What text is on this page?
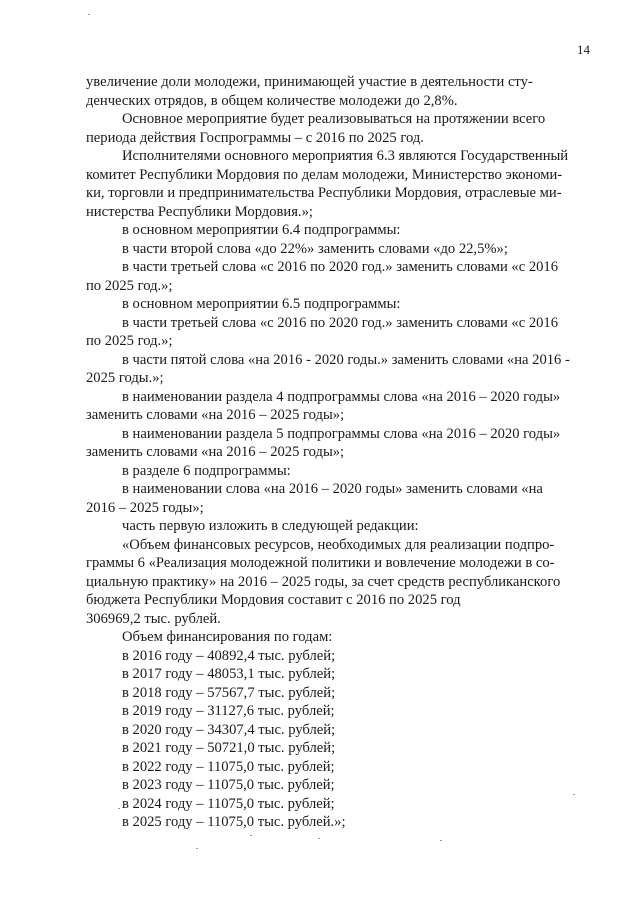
14

увеличение доли молодежи, принимающей участие в деятельности сту-

денческих отрядов, в общем количестве молодежи до 2,8%.

Основное мероприятие будет реализовываться на протяжении всего

периода действия Госпрограммы – с 2016 по 2025 год.

Исполнителями основного мероприятия 6.3 являются Государственный

комитет Республики Мордовия по делам молодежи, Министерство экономи-

ки, торговли и предпринимательства Республики Мордовия, отраслевые ми-

нистерства Республики Мордовия.»;

в основном мероприятии 6.4 подпрограммы:

в части второй слова «до 22%» заменить словами «до 22,5%»;

в части третьей слова «с 2016 по 2020 год.» заменить словами «с 2016

по 2025 год.»;

в основном мероприятии 6.5 подпрограммы:

в части третьей слова «с 2016 по 2020 год.» заменить словами «с 2016

по 2025 год.»;

в части пятой слова «на 2016 - 2020 годы.» заменить словами «на 2016 -

2025 годы.»;

в наименовании раздела 4 подпрограммы слова «на 2016 – 2020 годы»

заменить словами «на 2016 – 2025 годы»;

в наименовании раздела 5 подпрограммы слова «на 2016 – 2020 годы»

заменить словами «на 2016 – 2025 годы»;

в разделе 6 подпрограммы:

в наименовании слова «на 2016 – 2020 годы» заменить словами «на

2016 – 2025 годы»;

часть первую изложить в следующей редакции:

«Объем финансовых ресурсов, необходимых для реализации подпро-

граммы 6 «Реализация молодежной политики и вовлечение молодежи в со-

циальную практику» на 2016 – 2025 годы, за счет средств республиканского

бюджета Республики Мордовия составит с 2016 по 2025 год

306969,2 тыс. рублей.

Объем финансирования по годам:

в 2016 году – 40892,4 тыс. рублей;

в 2017 году – 48053,1 тыс. рублей;

в 2018 году – 57567,7 тыс. рублей;

в 2019 году – 31127,6 тыс. рублей;

в 2020 году – 34307,4 тыс. рублей;

в 2021 году – 50721,0 тыс. рублей;

в 2022 году – 11075,0 тыс. рублей;

в 2023 году – 11075,0 тыс. рублей;

в 2024 году – 11075,0 тыс. рублей;

в 2025 году – 11075,0 тыс. рублей.»;
